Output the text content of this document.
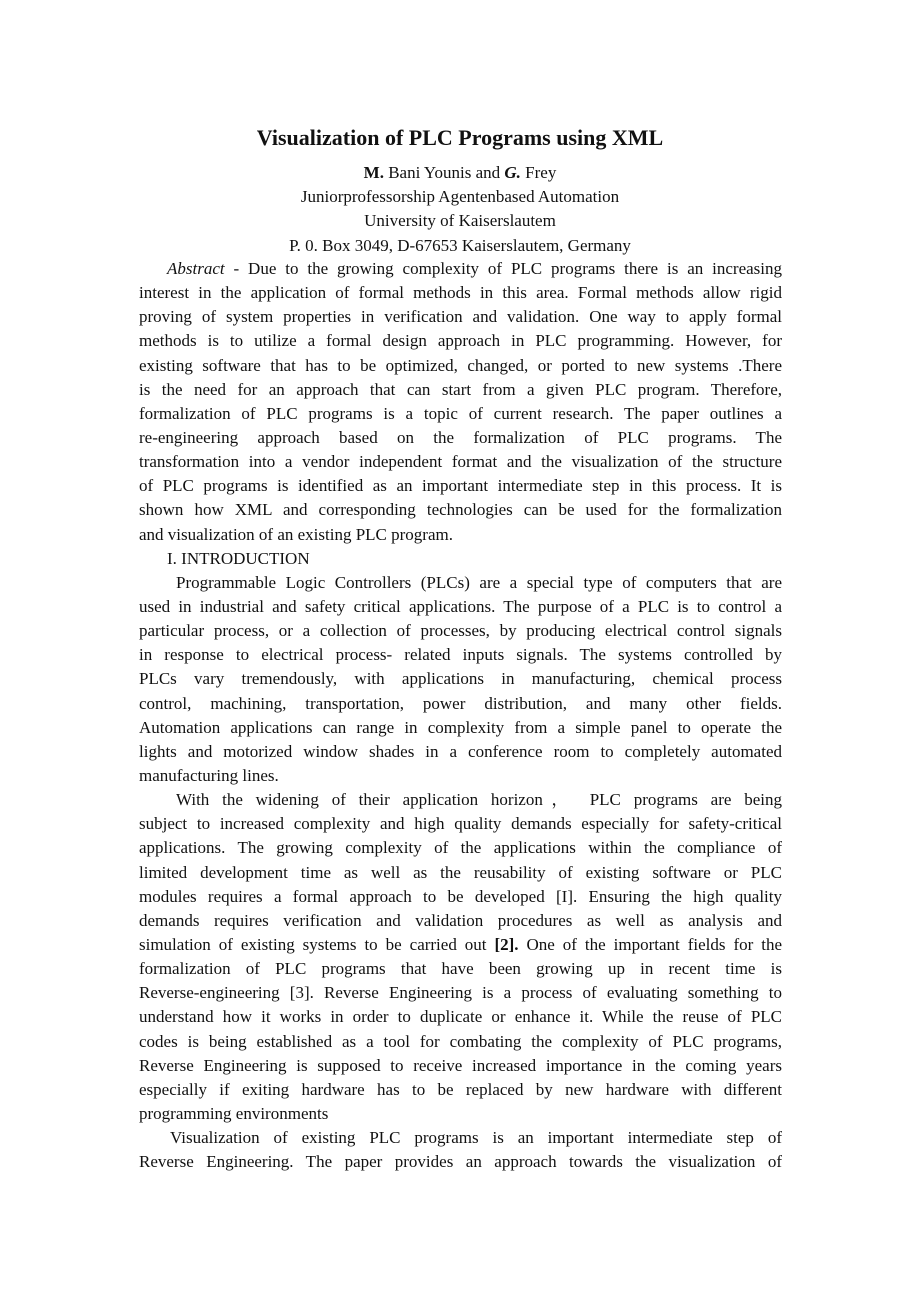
Visualization of PLC Programs using XML
M. Bani Younis and G. Frey
Juniorprofessorship Agentenbased Automation
University of Kaiserslautem
P. 0. Box 3049, D-67653 Kaiserslautem, Germany
Abstract - Due to the growing complexity of PLC programs there is an increasing
interest in the application of formal methods in this area. Formal methods allow rigid
proving of system properties in verification and validation. One way to apply formal
methods is to utilize a formal design approach in PLC programming. However, for
existing software that has to be optimized, changed, or ported to new systems .There
is the need for an approach that can start from a given PLC program. Therefore,
formalization of PLC programs is a topic of current research. The paper outlines a
re-engineering approach based on the formalization of PLC programs. The
transformation into a vendor independent format and the visualization of the structure
of PLC programs is identified as an important intermediate step in this process. It is
shown how XML and corresponding technologies can be used for the formalization
and visualization of an existing PLC program.
I. INTRODUCTION
Programmable Logic Controllers (PLCs) are a special type of computers that are
used in industrial and safety critical applications. The purpose of a PLC is to control a
particular process, or a collection of processes, by producing electrical control signals
in response to electrical process- related inputs signals. The systems controlled by
PLCs vary tremendously, with applications in manufacturing, chemical process
control, machining, transportation, power distribution, and many other fields.
Automation applications can range in complexity from a simple panel to operate the
lights and motorized window shades in a conference room to completely automated
manufacturing lines.
With the widening of their application horizon， PLC programs are being
subject to increased complexity and high quality demands especially for safety-critical
applications. The growing complexity of the applications within the compliance of
limited development time as well as the reusability of existing software or PLC
modules requires a formal approach to be developed [I]. Ensuring the high quality
demands requires verification and validation procedures as well as analysis and
simulation of existing systems to be carried out [2]. One of the important fields for the
formalization of PLC programs that have been growing up in recent time is
Reverse-engineering [3]. Reverse Engineering is a process of evaluating something to
understand how it works in order to duplicate or enhance it. While the reuse of PLC
codes is being established as a tool for combating the complexity of PLC programs,
Reverse Engineering is supposed to receive increased importance in the coming years
especially if exiting hardware has to be replaced by new hardware with different
programming environments
Visualization of existing PLC programs is an important intermediate step of
Reverse Engineering. The paper provides an approach towards the visualization of
